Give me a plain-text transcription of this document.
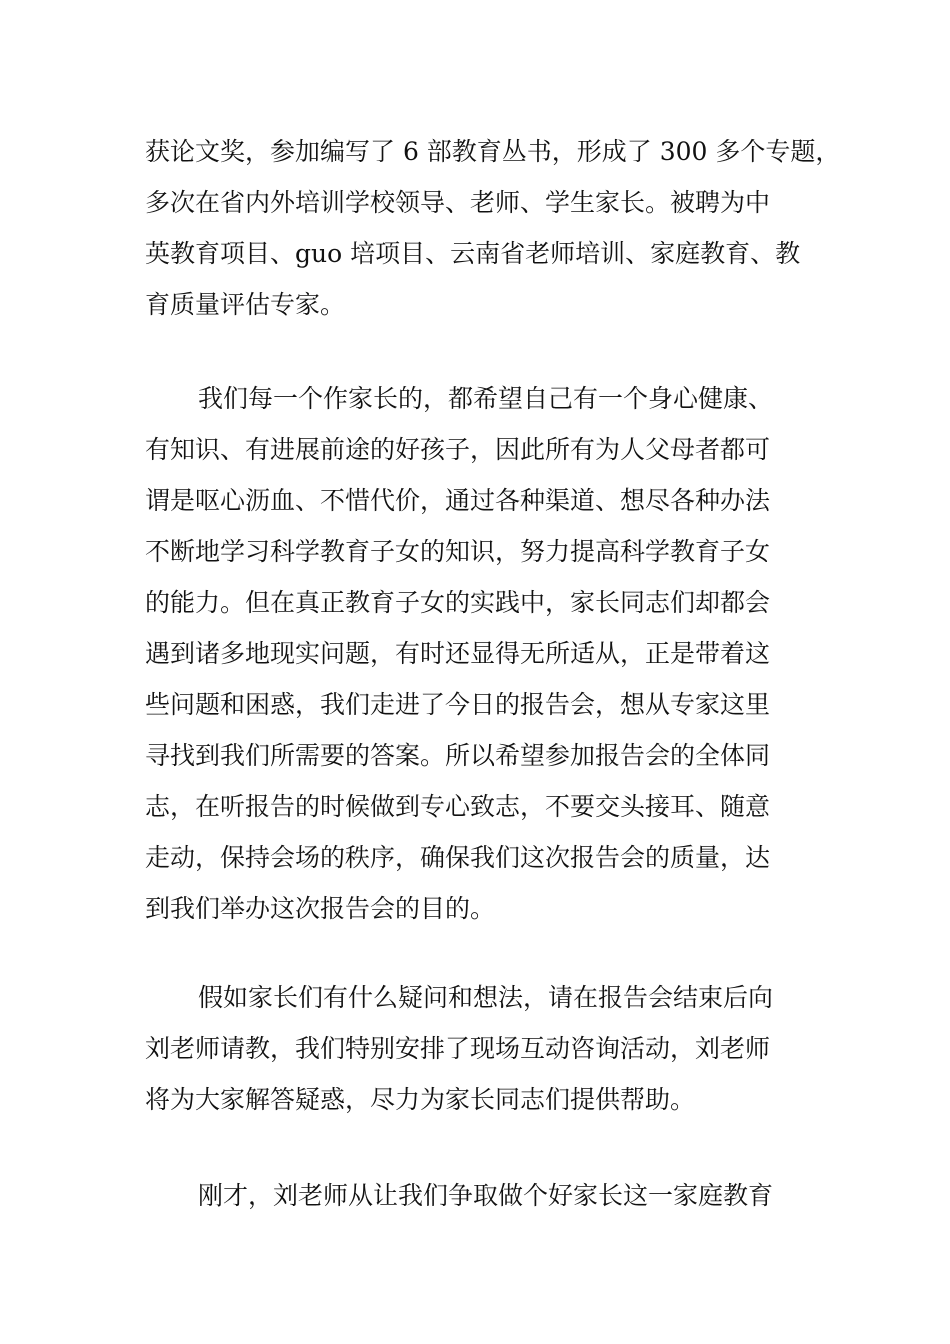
获论文奖，参加编写了 6 部教育丛书，形成了 300 多个专题，
多次在省内外培训学校领导、老师、学生家长。被聘为中
英教育项目、guo 培项目、云南省老师培训、家庭教育、教
育质量评估专家。
我们每一个作家长的，都希望自己有一个身心健康、
有知识、有进展前途的好孩子，因此所有为人父母者都可
谓是呕心沥血、不惜代价，通过各种渠道、想尽各种办法
不断地学习科学教育子女的知识，努力提高科学教育子女
的能力。但在真正教育子女的实践中，家长同志们却都会
遇到诸多地现实问题，有时还显得无所适从，正是带着这
些问题和困惑，我们走进了今日的报告会，想从专家这里
寻找到我们所需要的答案。所以希望参加报告会的全体同
志，在听报告的时候做到专心致志，不要交头接耳、随意
走动，保持会场的秩序，确保我们这次报告会的质量，达
到我们举办这次报告会的目的。
假如家长们有什么疑问和想法，请在报告会结束后向
刘老师请教，我们特别安排了现场互动咨询活动，刘老师
将为大家解答疑惑，尽力为家长同志们提供帮助。
刚才，刘老师从让我们争取做个好家长这一家庭教育
